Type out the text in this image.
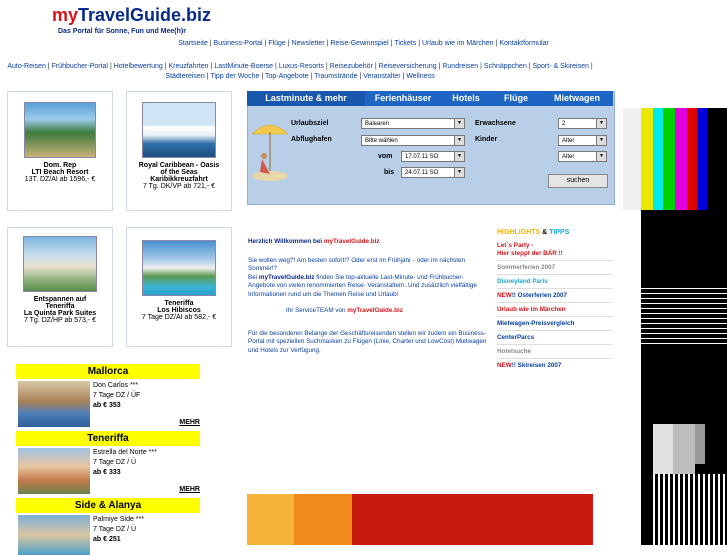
myTravelGuide.biz
Das Portal für Sonne, Fun und Mee(h)r
Startseite | Business-Portal | Flüge | Newsletter | Reise-Gewinnspiel | Tickets | Urlaub wie im Märchen | Kontaktformular
Auto-Reisen | Frühbucher-Portal | Hotelbewertung | Kreuzfahrten | LastMinute-Boerse | Luxus-Resorts | Reisezubehör | Reiseversicherung | Rundreisen | Schnäppchen | Sport- & Skireisen |
Städtereisen | Tipp der Woche | Top-Angebote | Traumstrände | Veranstalter | Wellness
Dom. Rep
LTI Beach Resort
13T. DZ/AI ab 1596,- €
Royal Caribbean - Oasis
of the Seas
Karibikkreuzfahrt
7 Tg. DK/VP ab 721,- €
Entspannen auf
Teneriffa
La Quinta Park Suites
7 Tg. DZ/HP ab 573,- €
Teneriffa
Los Hibiscos
7 Tage DZ/AI ab 582,- €
Mallorca
Don Carlos ***
7 Tage DZ / ÜF
ab € 353
MEHR
Teneriffa
Estrella del Norte ***
7 Tage DZ / Ü
ab € 333
MEHR
Side & Alanya
Palmiye Side ***
7 Tage DZ / Ü
ab € 251
Lastminute & mehr	Ferienhäuser	Hotels	Flüge	Mietwagen
Urlaubsziel	Balearen	▼
Abflughafen	Bitte wählen	▼
vom	17.07.11 SO	▼
bis	24.07.11 SO	▼
Erwachsene	2	▼
Kinder	Alter	▼
Alter	▼
suchen
Herzlich Willkommen bei myTravelGuide.biz
Sie wollen weg?! Am besten sofort!? Oder erst im Frühjahr - oder im nächsten Sommer!?
Bei myTravelGuide.biz finden Sie top-aktuelle Last-Minute- und Frühbucher-Angebote von vielen renommierten Reise- Veranstaltern. Und zusätzlich vielfältige Informationen rund um die Themen Reise und Urlaub!
Ihr ServiceTEAM von myTravelGuide.biz
Für die besonderen Belange der Geschäftsreisenden stellen wir zudem ein Business-Portal mit speziellen Suchmasken zu Flügen (Linie, Charter und LowCost) Mietwagen und Hotels zur Verfügung.
HIGHLIGHTS & TIPPS
Let´s Party -
Hier steppt der BÄR !!
Sommerferien 2007
Disneyland Paris
NEW!! Osterferien 2007
Urlaub wie im Märchen
Mietwagen-Preisvergleich
CenterParcs
Hotelsuche
NEW!! Skireisen 2007
